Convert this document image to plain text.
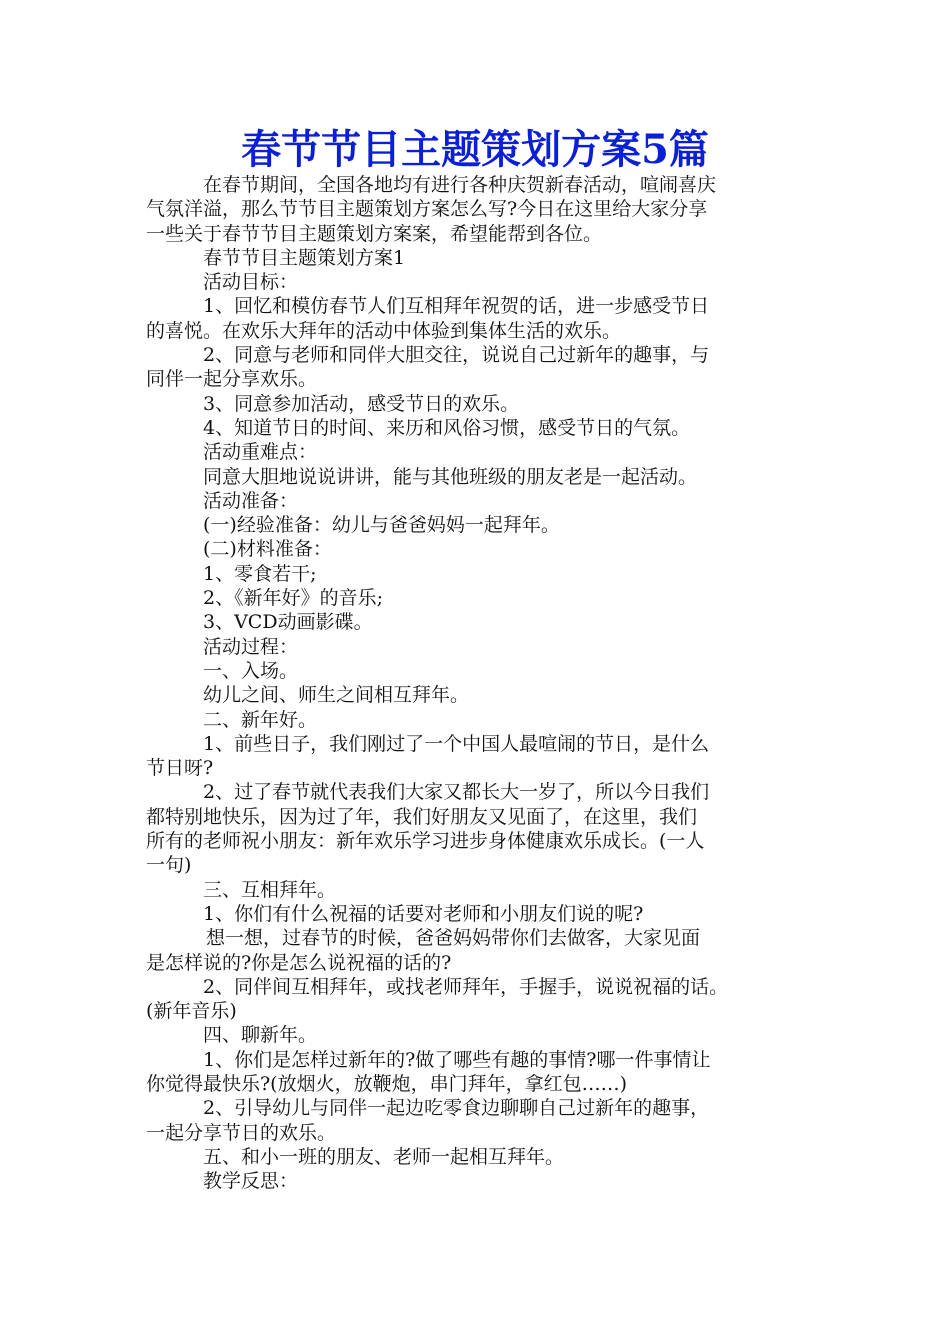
春节节目主题策划方案5篇
在春节期间，全国各地均有进行各种庆贺新春活动，喧闹喜庆
气氛洋溢，那么节节目主题策划方案怎么写?今日在这里给大家分享
一些关于春节节目主题策划方案案，希望能帮到各位。
春节节目主题策划方案1
活动目标：
1、回忆和模仿春节人们互相拜年祝贺的话，进一步感受节日
的喜悦。在欢乐大拜年的活动中体验到集体生活的欢乐。
2、同意与老师和同伴大胆交往，说说自己过新年的趣事，与
同伴一起分享欢乐。
3、同意参加活动，感受节日的欢乐。
4、知道节日的时间、来历和风俗习惯，感受节日的气氛。
活动重难点：
同意大胆地说说讲讲，能与其他班级的朋友老是一起活动。
活动准备：
(一)经验准备：幼儿与爸爸妈妈一起拜年。
(二)材料准备：
1、零食若干;
2、《新年好》的音乐;
3、VCD动画影碟。
活动过程：
一、入场。
幼儿之间、师生之间相互拜年。
二、新年好。
1、前些日子，我们刚过了一个中国人最喧闹的节日，是什么
节日呀?
2、过了春节就代表我们大家又都长大一岁了，所以今日我们
都特别地快乐，因为过了年，我们好朋友又见面了，在这里，我们
所有的老师祝小朋友：新年欢乐学习进步身体健康欢乐成长。(一人
一句)
三、互相拜年。
1、你们有什么祝福的话要对老师和小朋友们说的呢?
想一想，过春节的时候，爸爸妈妈带你们去做客，大家见面
是怎样说的?你是怎么说祝福的话的?
2、同伴间互相拜年，或找老师拜年，手握手，说说祝福的话。
(新年音乐)
四、聊新年。
1、你们是怎样过新年的?做了哪些有趣的事情?哪一件事情让
你觉得最快乐?(放烟火，放鞭炮，串门拜年，拿红包……)
2、引导幼儿与同伴一起边吃零食边聊聊自己过新年的趣事，
一起分享节日的欢乐。
五、和小一班的朋友、老师一起相互拜年。
教学反思：
